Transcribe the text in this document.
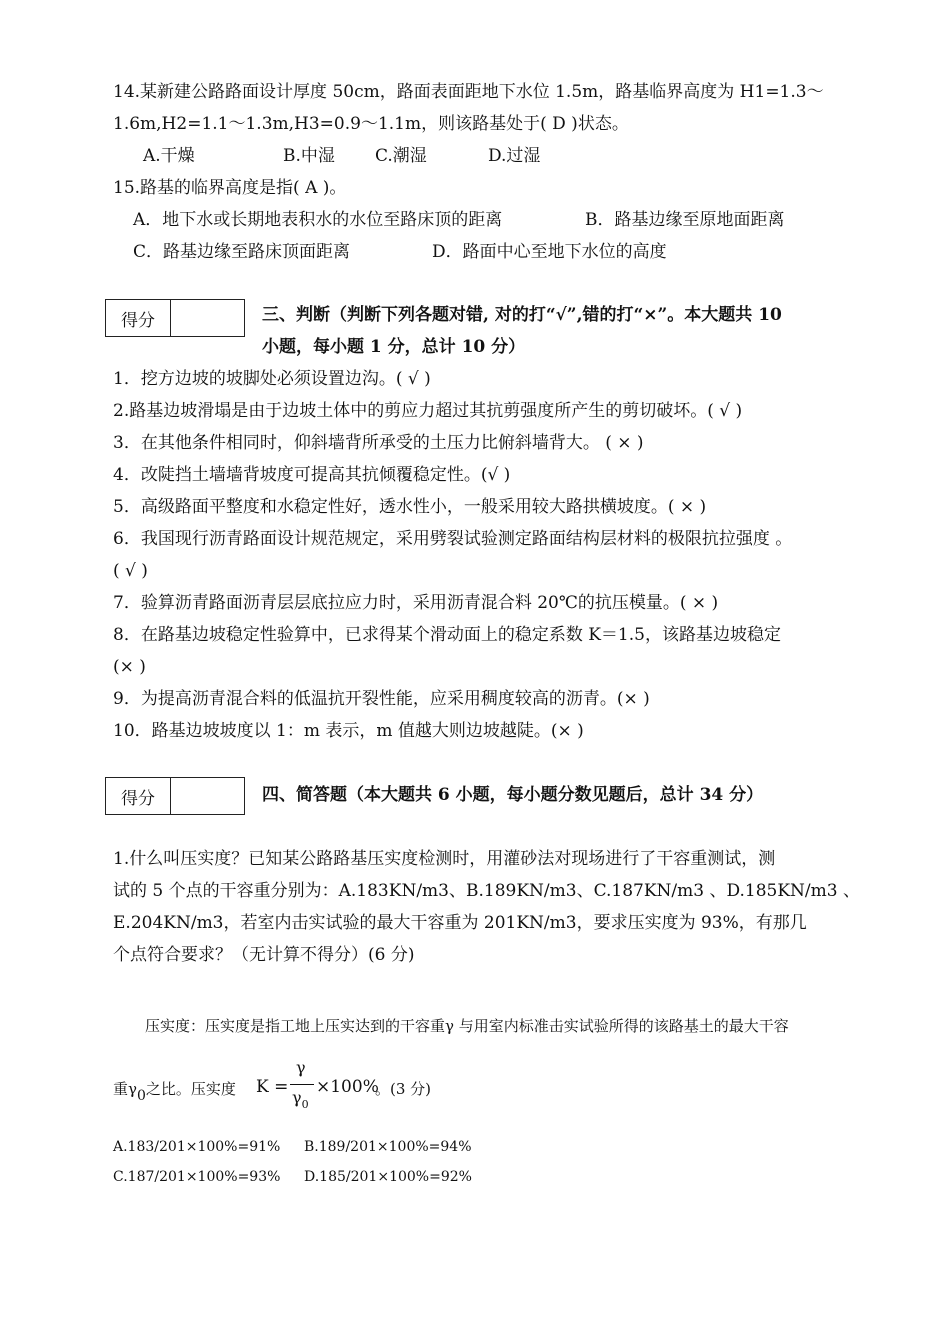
14.某新建公路路面设计厚度 50cm，路面表面距地下水位 1.5m，路基临界高度为 H1=1.3～
1.6m,H2=1.1～1.3m,H3=0.9～1.1m，则该路基处于( D )状态。
A.干燥	B.中湿 C.潮湿	D.过湿
15.路基的临界高度是指( A )。
A．地下水或长期地表积水的水位至路床顶的距离	B．路基边缘至原地面距离
C．路基边缘至路床顶面距离	D．路面中心至地下水位的高度
得分	三、判断（判断下列各题对错, 对的打“√”,错的打“×”。本大题共 10
小题，每小题 1 分，总计 10 分）
1．挖方边坡的坡脚处必须设置边沟。( √ )
2.路基边坡滑塌是由于边坡土体中的剪应力超过其抗剪强度所产生的剪切破坏。( √ )
3．在其他条件相同时，仰斜墙背所承受的土压力比俯斜墙背大。 ( × )
4．改陡挡土墙墙背坡度可提高其抗倾覆稳定性。(√ )
5．高级路面平整度和水稳定性好，透水性小，一般采用较大路拱横坡度。( × )
6．我国现行沥青路面设计规范规定，采用劈裂试验测定路面结构层材料的极限抗拉强度 。
( √ )
7．验算沥青路面沥青层层底拉应力时，采用沥青混合料 20℃的抗压模量。( × )
8．在路基边坡稳定性验算中，已求得某个滑动面上的稳定系数 K＝1.5，该路基边坡稳定
(× )
9．为提高沥青混合料的低温抗开裂性能，应采用稠度较高的沥青。(× )
10．路基边坡坡度以 1：m 表示，m 值越大则边坡越陡。(× )
得分	四、简答题（本大题共 6 小题，每小题分数见题后，总计 34 分）
1.什么叫压实度？已知某公路路基压实度检测时，用灌砂法对现场进行了干容重测试，测
试的 5 个点的干容重分别为：A.183KN/m3、B.189KN/m3、C.187KN/m3 、D.185KN/m3 、
E.204KN/m3，若室内击实试验的最大干容重为 201KN/m3，要求压实度为 93%，有那几
个点符合要求？（无计算不得分）(6 分)
压实度：压实度是指工地上压实达到的干容重γ 与用室内标准击实试验所得的该路基土的最大干容
重γ0之比。压实度 K =
γ
$\gamma_0$
×100%
。(3 分)
A.183/201×100%=91% B.189/201×100%=94%
C.187/201×100%=93% D.185/201×100%=92%
